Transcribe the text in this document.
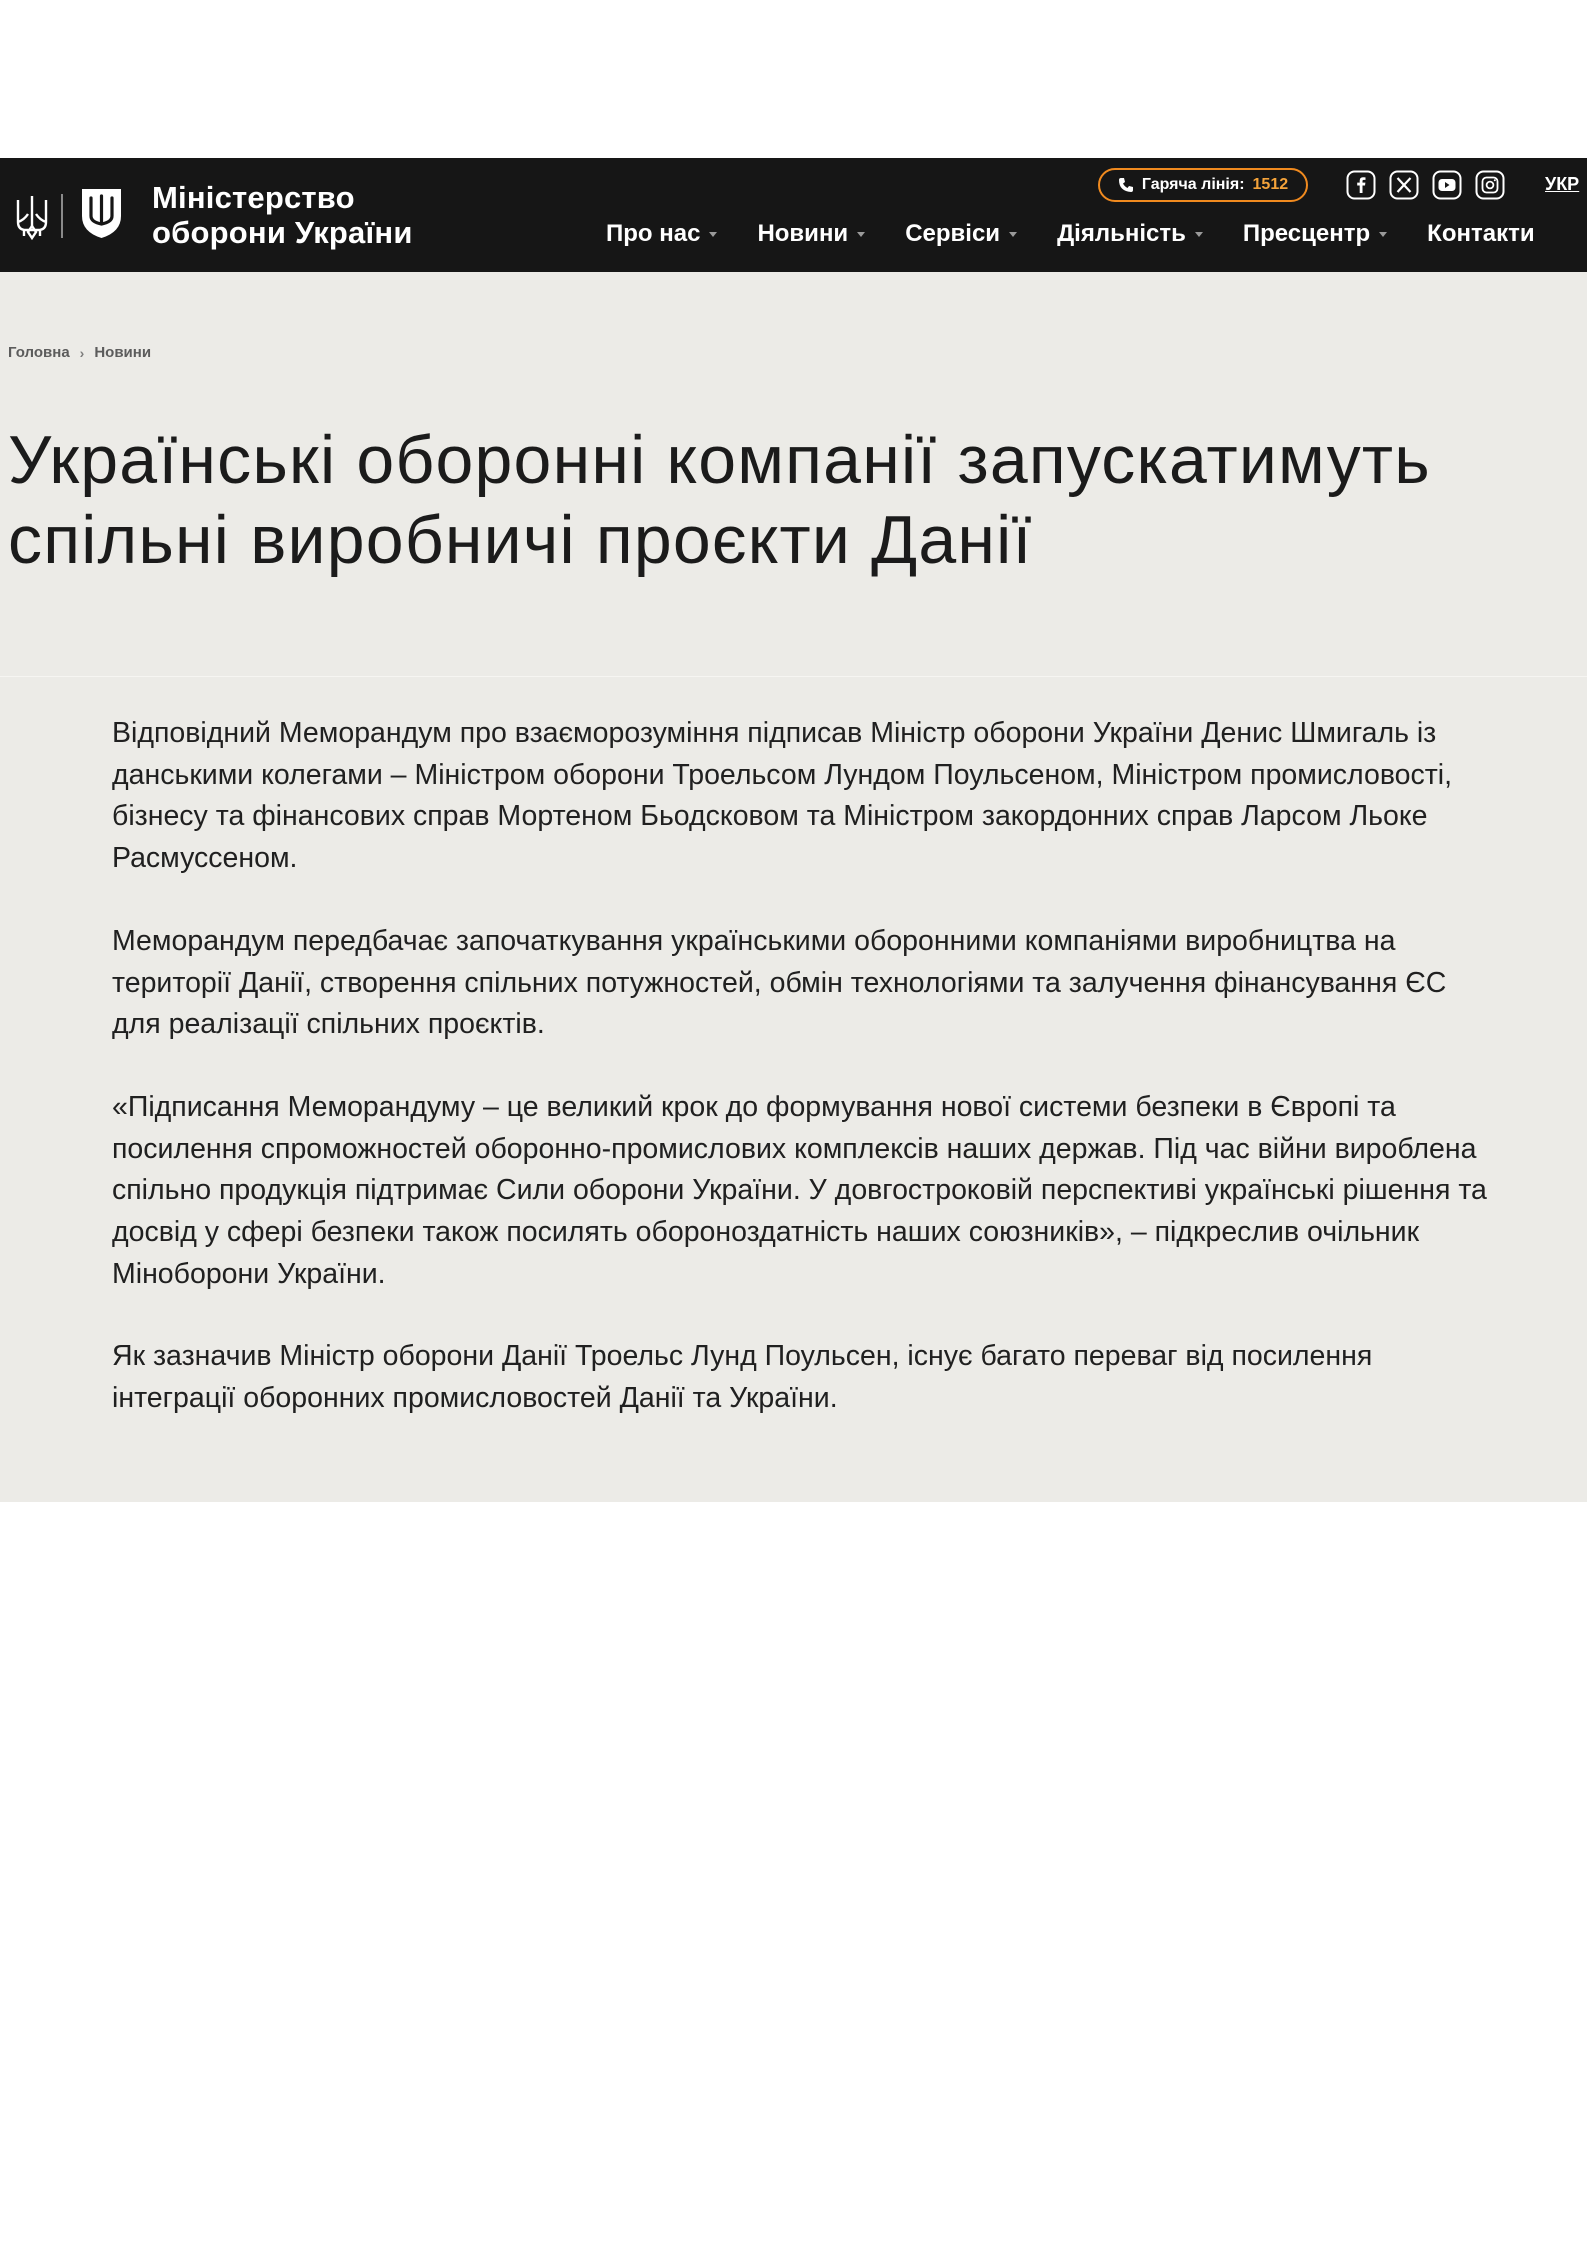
Міністерство
оборони України
Гаряча лінія: 1512	УКР
Про нас Новини Сервіси Діяльність Пресцентр Контакти
Головна › Новини
Українські оборонні компанії запускатимуть спільні виробничі проєкти Данії

Відповідний Меморандум про взаєморозуміння підписав Міністр оборони України Денис Шмигаль із данськими колегами – Міністром оборони Троельсом Лундом Поульсеном, Міністром промисловості, бізнесу та фінансових справ Мортеном Бьодсковом та Міністром закордонних справ Ларсом Льоке Расмуссеном.

Меморандум передбачає започаткування українськими оборонними компаніями виробництва на території Данії, створення спільних потужностей, обмін технологіями та залучення фінансування ЄС для реалізації спільних проєктів.

«Підписання Меморандуму – це великий крок до формування нової системи безпеки в Європі та посилення спроможностей оборонно-промислових комплексів наших держав. Під час війни вироблена спільно продукція підтримає Сили оборони України. У довгостроковій перспективі українські рішення та досвід у сфері безпеки також посилять обороноздатність наших союзників», – підкреслив очільник Міноборони України.

Як зазначив Міністр оборони Данії Троельс Лунд Поульсен, існує багато переваг від посилення інтеграції оборонних промисловостей Данії та України.
